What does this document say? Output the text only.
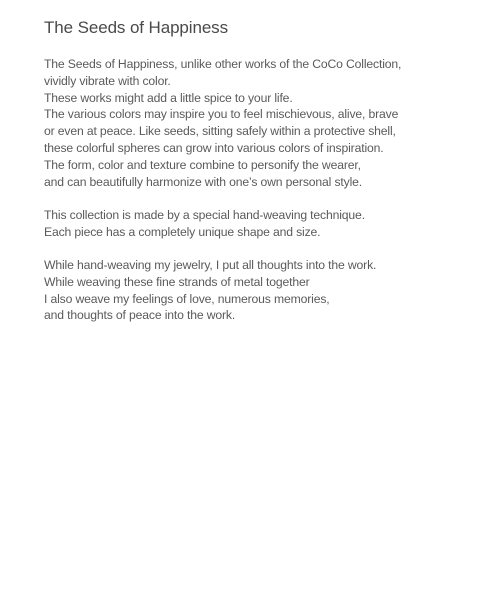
The Seeds of Happiness

The Seeds of Happiness, unlike other works of the CoCo Collection,
vividly vibrate with color.
These works might add a little spice to your life.
The various colors may inspire you to feel mischievous, alive, brave
or even at peace. Like seeds, sitting safely within a protective shell,
these colorful spheres can grow into various colors of inspiration.
The form, color and texture combine to personify the wearer,
and can beautifully harmonize with one’s own personal style.

This collection is made by a special hand-weaving technique.
Each piece has a completely unique shape and size.

While hand-weaving my jewelry, I put all thoughts into the work.
While weaving these fine strands of metal together
I also weave my feelings of love, numerous memories,
and thoughts of peace into the work.
